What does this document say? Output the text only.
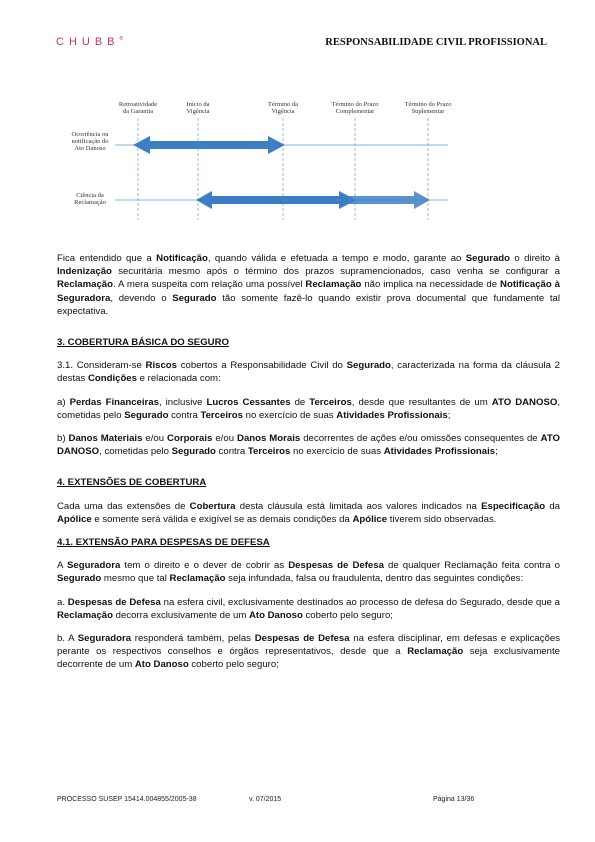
CHUBB®	RESPONSABILIDADE CIVIL PROFISSIONAL
Retroatividade da Garantia
Início da Vigência
Término da Vigência
Término do Prazo Complementar
Término do Prazo Suplementar
Ocorrência ou notificação do Ato Danoso
Ciência da Reclamação

Fica entendido que a Notificação, quando válida e efetuada a tempo e modo, garante ao Segurado o direito à Indenização securitária mesmo após o término dos prazos supramencionados, caso venha se configurar a Reclamação. A mera suspeita com relação uma possível Reclamação não implica na necessidade de Notificação à Seguradora, devendo o Segurado tão somente fazê-lo quando existir prova documental que fundamente tal expectativa.

3. COBERTURA BÁSICA DO SEGURO

3.1. Consideram-se Riscos cobertos a Responsabilidade Civil do Segurado, caracterizada na forma da cláusula 2 destas Condições e relacionada com:

a) Perdas Financeiras, inclusive Lucros Cessantes de Terceiros, desde que resultantes de um ATO DANOSO, cometidas pelo Segurado contra Terceiros no exercício de suas Atividades Profissionais;

b) Danos Materiais e/ou Corporais e/ou Danos Morais decorrentes de ações e/ou omissões consequentes de ATO DANOSO, cometidas pelo Segurado contra Terceiros no exercício de suas Atividades Profissionais;

4. EXTENSÕES DE COBERTURA

Cada uma das extensões de Cobertura desta cláusula está limitada aos valores indicados na Especificação da Apólice e somente será válida e exigível se as demais condições da Apólice tiverem sido observadas.

4.1. EXTENSÃO PARA DESPESAS DE DEFESA

A Seguradora tem o direito e o dever de cobrir as Despesas de Defesa de qualquer Reclamação feita contra o Segurado mesmo que tal Reclamação seja infundada, falsa ou fraudulenta, dentro das seguintes condições:

a. Despesas de Defesa na esfera civil, exclusivamente destinados ao processo de defesa do Segurado, desde que a Reclamação decorra exclusivamente de um Ato Danoso coberto pelo seguro;

b. A Seguradora responderá também, pelas Despesas de Defesa na esfera disciplinar, em defesas e explicações perante os respectivos conselhos e órgãos representativos, desde que a Reclamação seja exclusivamente decorrente de um Ato Danoso coberto pelo seguro;

PROCESSO SUSEP 15414.004855/2005-38	v. 07/2015	Página 13/36
